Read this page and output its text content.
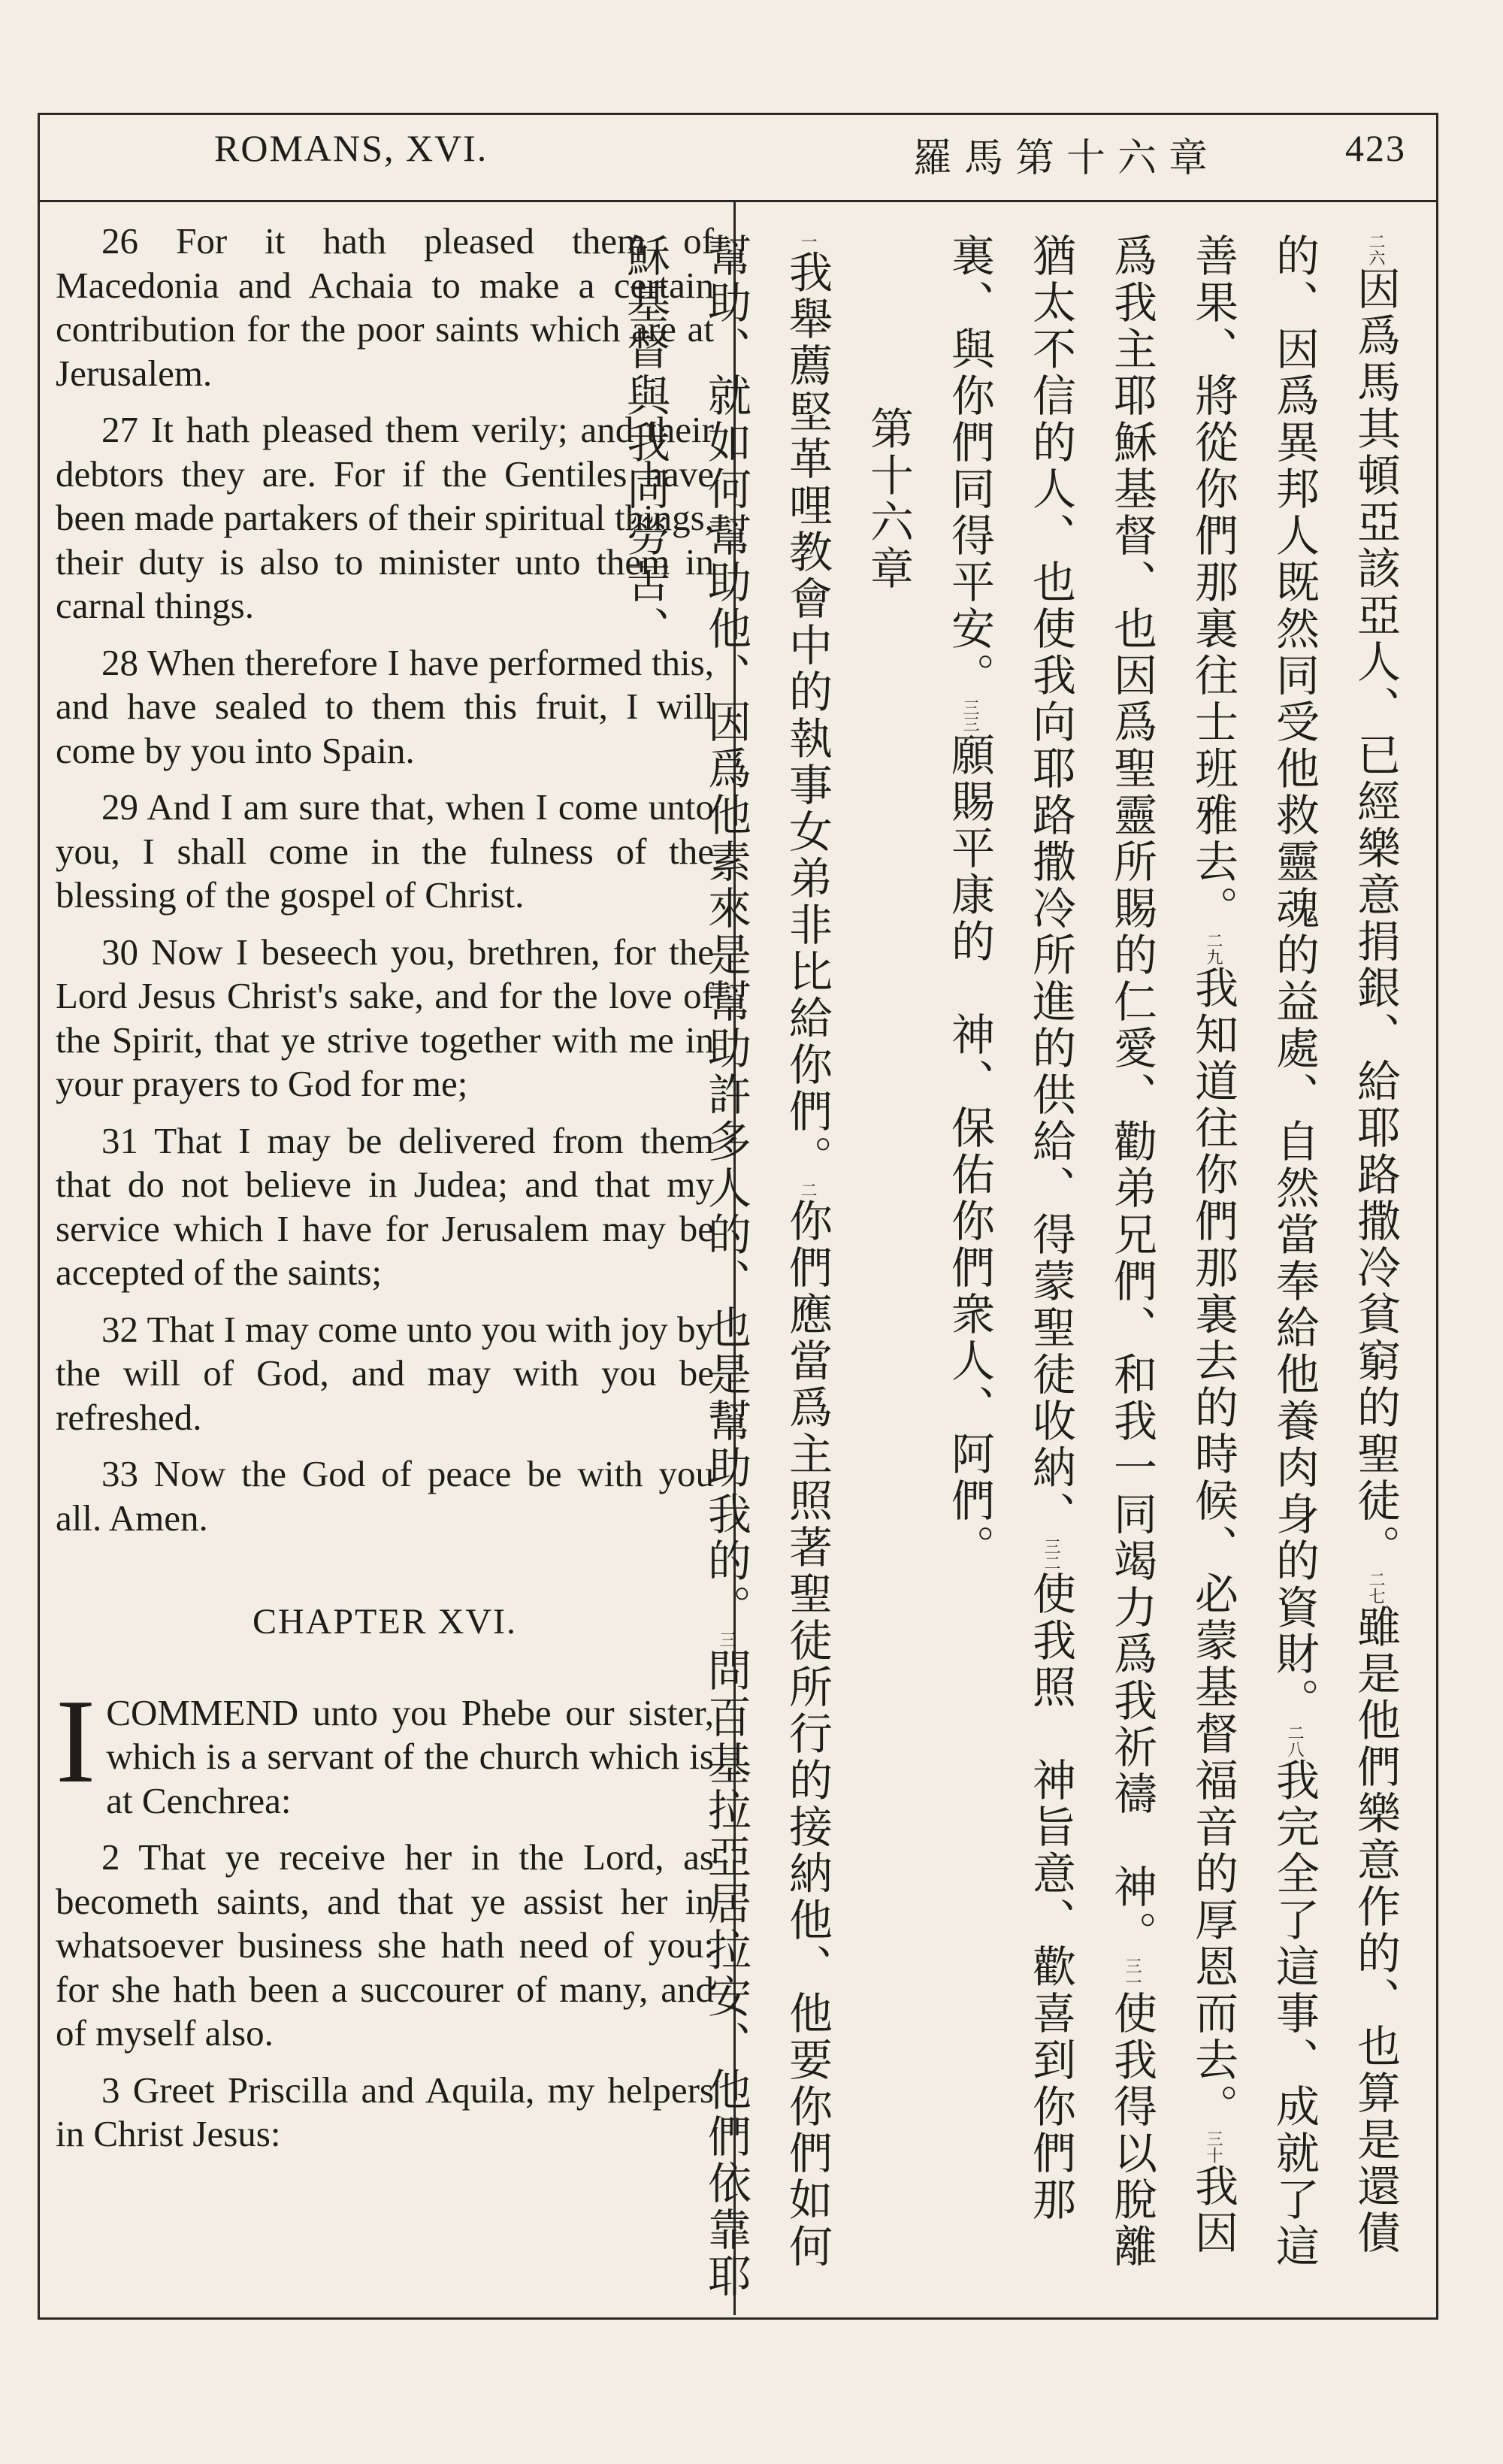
ROMANS, XVI.	羅馬第十六章	423

26 For it hath pleased them of Macedonia and Achaia to make a certain contribution for the poor saints which are at Jerusalem.

27 It hath pleased them verily; and their debtors they are. For if the Gentiles have been made partakers of their spiritual things, their duty is also to minister unto them in carnal things.

28 When therefore I have performed this, and have sealed to them this fruit, I will come by you into Spain.

29 And I am sure that, when I come unto you, I shall come in the fulness of the blessing of the gospel of Christ.

30 Now I beseech you, brethren, for the Lord Jesus Christ's sake, and for the love of the Spirit, that ye strive together with me in your prayers to God for me;

31 That I may be delivered from them that do not believe in Judea; and that my service which I have for Jerusalem may be accepted of the saints;

32 That I may come unto you with joy by the will of God, and may with you be refreshed.

33 Now the God of peace be with you all. Amen.

CHAPTER XVI.

ICOMMEND unto you Phebe our sister, which is a servant of the church which is at Cenchrea:

2 That ye receive her in the Lord, as becometh saints, and that ye assist her in whatsoever business she hath need of you: for she hath been a succourer of many, and of myself also.

3 Greet Priscilla and Aquila, my helpers in Christ Jesus:

二六因爲馬其頓亞該亞人、已經樂意捐銀、給耶路撒冷貧窮的聖徒。二七雖是他們樂意作的、也算是還債的、因爲異邦人既然同受他救靈魂的益處、自然當奉給他養肉身的資財。二八我完全了這事、成就了這善果、將從你們那裏往士班雅去。二九我知道往你們那裏去的時候、必蒙基督福音的厚恩而去。三十我因爲我主耶穌基督、也因爲聖靈所賜的仁愛、勸弟兄們、和我一同竭力爲我祈禱　神。三一使我得以脫離猶太不信的人、也使我向耶路撒冷所進的供給、得蒙聖徒收納、三二使我照　神旨意、歡喜到你們那裏、與你們同得平安。三三願賜平康的　神、保佑你們衆人、阿們。

第十六章

一我舉薦堅革哩教會中的執事女弟非比給你們。二你們應當爲主照著聖徒所行的接納他、他要你們如何幫助、就如何幫助他、因爲他素來是幫助許多人的、也是幫助我的。三問百基拉亞居拉安、他們依靠耶穌基督與我同勞苦、
